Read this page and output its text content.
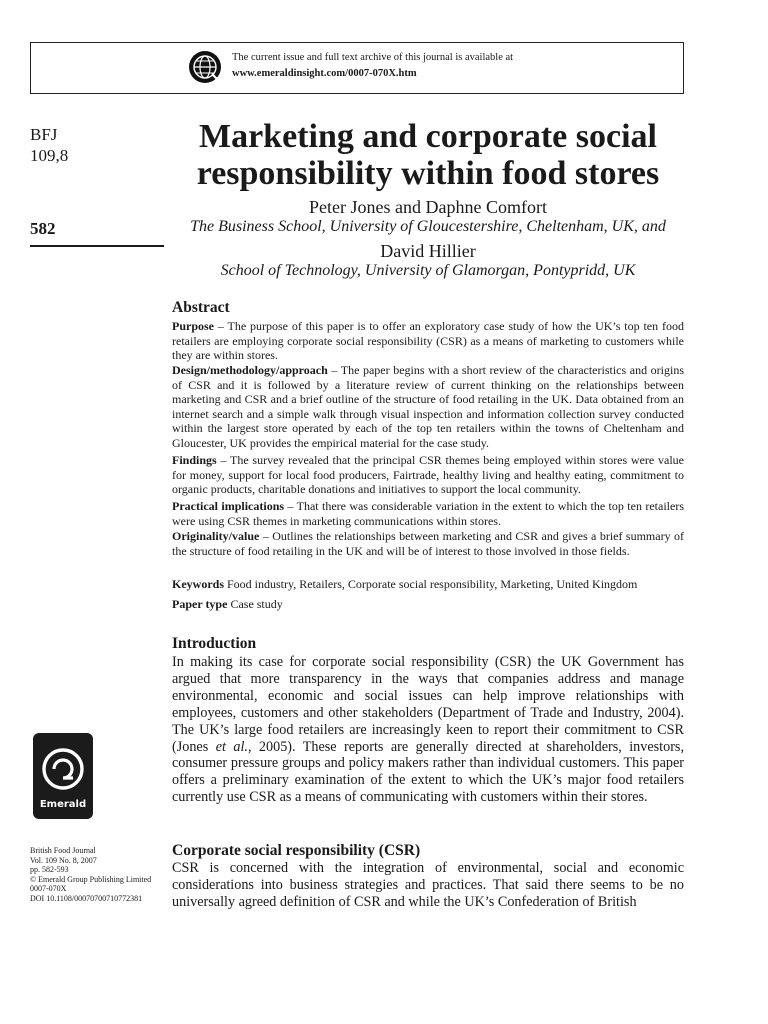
The current issue and full text archive of this journal is available at
www.emeraldinsight.com/0007-070X.htm
BFJ
109,8
582
Marketing and corporate social responsibility within food stores
Peter Jones and Daphne Comfort
The Business School, University of Gloucestershire, Cheltenham, UK, and
David Hillier
School of Technology, University of Glamorgan, Pontypridd, UK
Abstract
Purpose – The purpose of this paper is to offer an exploratory case study of how the UK’s top ten food retailers are employing corporate social responsibility (CSR) as a means of marketing to customers while they are within stores.
Design/methodology/approach – The paper begins with a short review of the characteristics and origins of CSR and it is followed by a literature review of current thinking on the relationships between marketing and CSR and a brief outline of the structure of food retailing in the UK. Data obtained from an internet search and a simple walk through visual inspection and information collection survey conducted within the largest store operated by each of the top ten retailers within the towns of Cheltenham and Gloucester, UK provides the empirical material for the case study.
Findings – The survey revealed that the principal CSR themes being employed within stores were value for money, support for local food producers, Fairtrade, healthy living and healthy eating, commitment to organic products, charitable donations and initiatives to support the local community.
Practical implications – That there was considerable variation in the extent to which the top ten retailers were using CSR themes in marketing communications within stores.
Originality/value – Outlines the relationships between marketing and CSR and gives a brief summary of the structure of food retailing in the UK and will be of interest to those involved in those fields.
Keywords Food industry, Retailers, Corporate social responsibility, Marketing, United Kingdom
Paper type Case study
Introduction
In making its case for corporate social responsibility (CSR) the UK Government has argued that more transparency in the ways that companies address and manage environmental, economic and social issues can help improve relationships with employees, customers and other stakeholders (Department of Trade and Industry, 2004). The UK’s large food retailers are increasingly keen to report their commitment to CSR (Jones et al., 2005). These reports are generally directed at shareholders, investors, consumer pressure groups and policy makers rather than individual customers. This paper offers a preliminary examination of the extent to which the UK’s major food retailers currently use CSR as a means of communicating with customers within their stores.
Corporate social responsibility (CSR)
CSR is concerned with the integration of environmental, social and economic considerations into business strategies and practices. That said there seems to be no universally agreed definition of CSR and while the UK’s Confederation of British
Emerald
British Food Journal
Vol. 109 No. 8, 2007
pp. 582-593
© Emerald Group Publishing Limited
0007-070X
DOI 10.1108/00070700710772381
